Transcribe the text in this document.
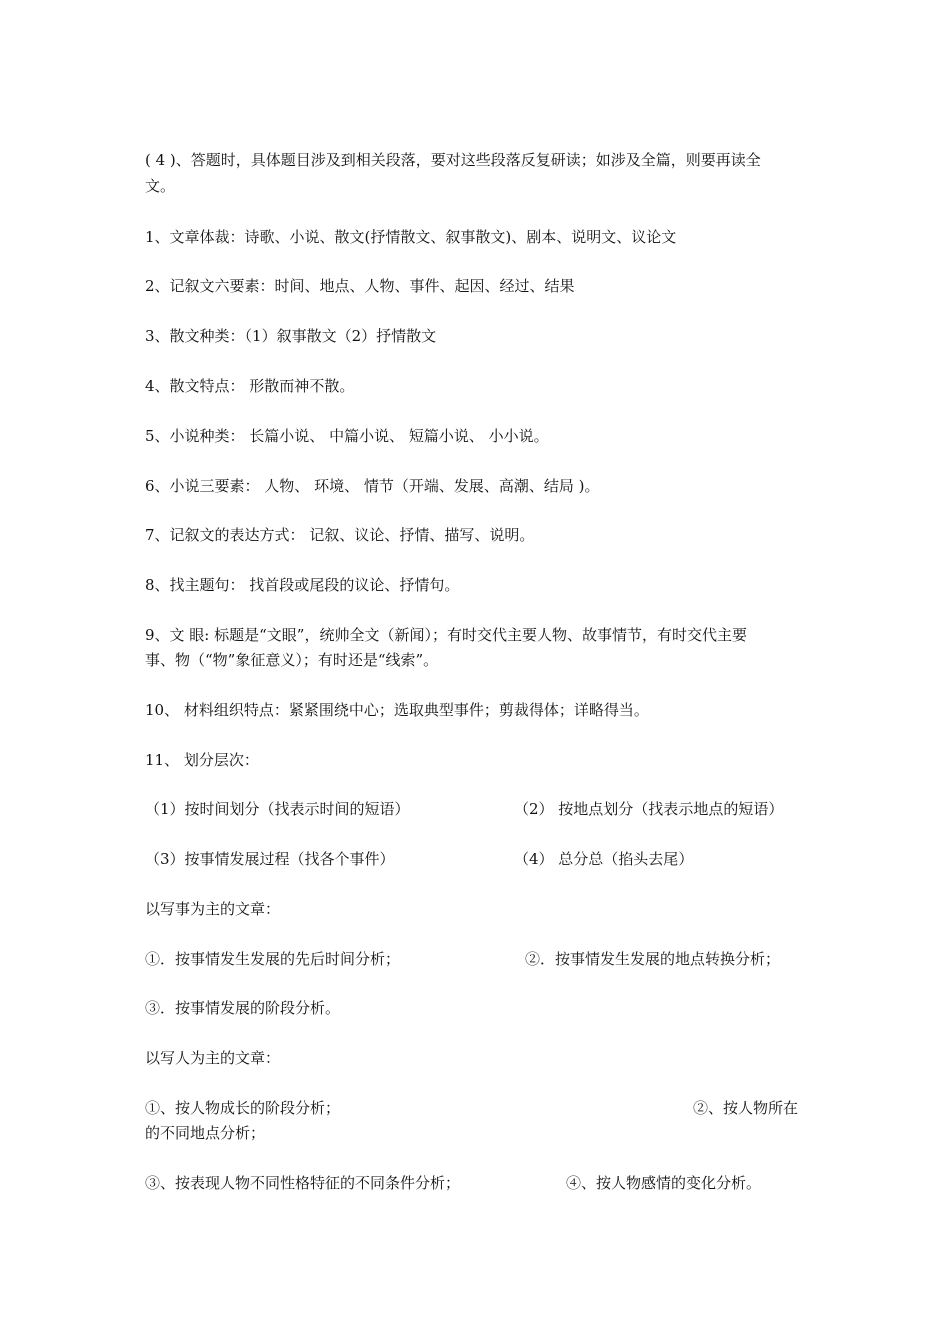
( 4 )、答题时，具体题目涉及到相关段落，要对这些段落反复研读；如涉及全篇，则要再读全
文。
1、文章体裁：诗歌、小说、散文(抒情散文、叙事散文)、剧本、说明文、议论文
2、记叙文六要素：时间、地点、人物、事件、起因、经过、结果
3、散文种类：（1）叙事散文（2）抒情散文
4、散文特点： 形散而神不散。
5、小说种类： 长篇小说、 中篇小说、 短篇小说、 小小说。
6、小说三要素： 人物、 环境、 情节（开端、发展、高潮、结局 )。
7、记叙文的表达方式： 记叙、议论、抒情、描写、说明。
8、找主题句： 找首段或尾段的议论、抒情句。
9、文 眼: 标题是“文眼”，统帅全文（新闻）；有时交代主要人物、故事情节，有时交代主要
事、物（“物”象征意义）；有时还是“线索”。
10、 材料组织特点：紧紧围绕中心；选取典型事件；剪裁得体；详略得当。
11、 划分层次：
（1）按时间划分（找表示时间的短语）	（2） 按地点划分（找表示地点的短语）
（3）按事情发展过程（找各个事件）	（4） 总分总（掐头去尾）
以写事为主的文章：
①．按事情发生发展的先后时间分析；	②．按事情发生发展的地点转换分析；
③．按事情发展的阶段分析。
以写人为主的文章：
①、按人物成长的阶段分析；	②、按人物所在
的不同地点分析；
③、按表现人物不同性格特征的不同条件分析；	④、按人物感情的变化分析。
